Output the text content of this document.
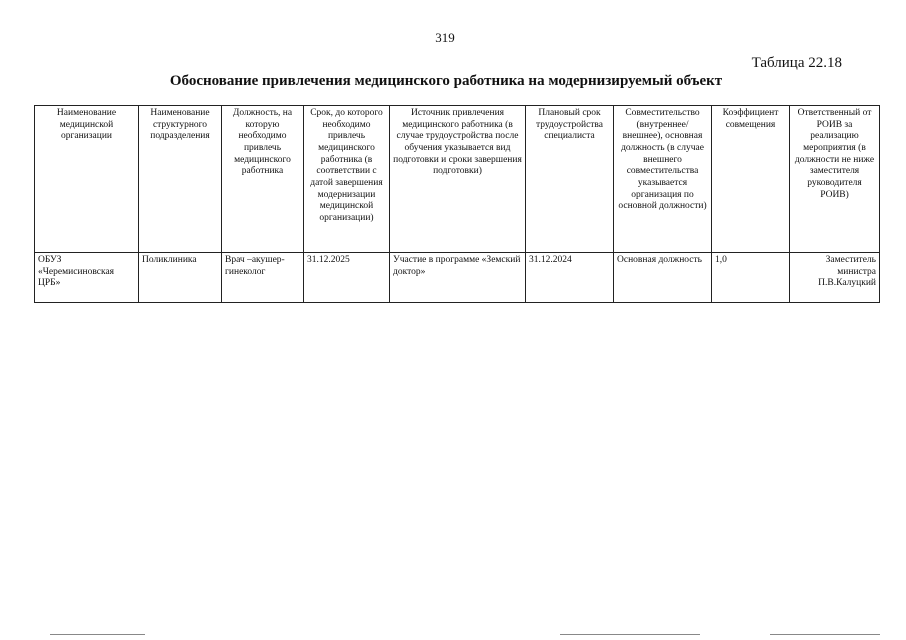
319
Таблица 22.18
Обоснование привлечения медицинского работника на модернизируемый объект
Наименование медицинской организации	Наименование структурного подразделения	Должность, на которую необходимо привлечь медицинского работника	Срок, до которого необходимо привлечь медицинского работника (в соответствии с датой завершения модернизации медицинской организации)	Источник привлечения медицинского работника (в случае трудоустройства после обучения указывается вид подготовки и сроки завершения подготовки)	Плановый срок трудоустройства специалиста	Совместительство (внутреннее/внешнее), основная должность (в случае внешнего совместительства указывается организация по основной должности)	Коэффициент совмещения	Ответственный от РОИВ за реализацию мероприятия (в должности не ниже заместителя руководителя РОИВ)
ОБУЗ «Черемисиновская ЦРБ»	Поликлиника	Врач –акушер-гинеколог	31.12.2025	Участие в программе «Земский доктор»	31.12.2024	Основная должность	1,0	Заместитель министра П.В.Калуцкий
